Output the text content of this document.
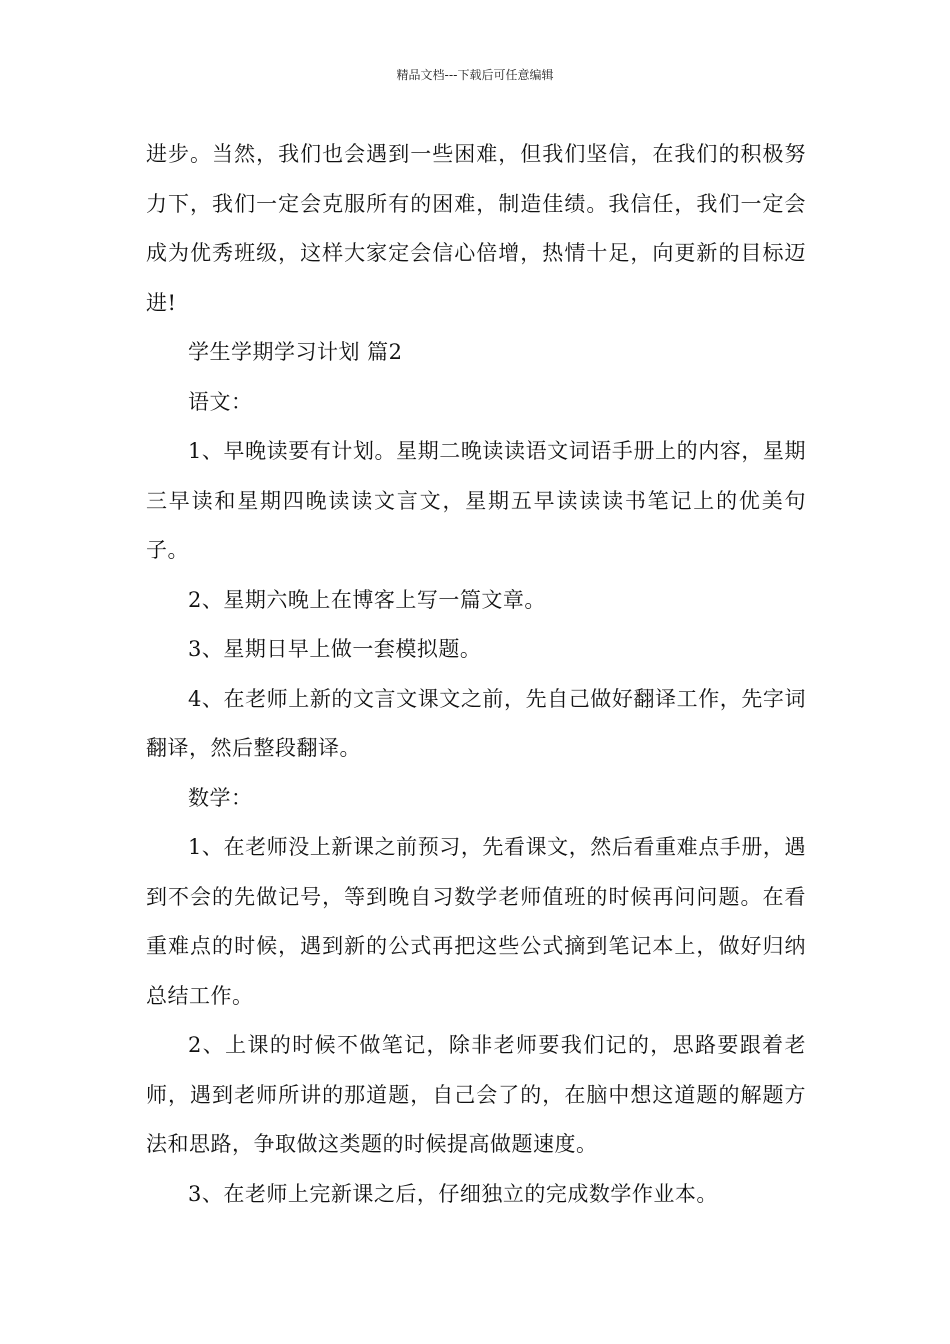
精品文档---下载后可任意编辑

进步。当然，我们也会遇到一些困难，但我们坚信，在我们的积极努力下，我们一定会克服所有的困难，制造佳绩。我信任，我们一定会成为优秀班级，这样大家定会信心倍增，热情十足，向更新的目标迈进!

学生学期学习计划 篇2

语文：

1、早晚读要有计划。星期二晚读读语文词语手册上的内容，星期三早读和星期四晚读读文言文，星期五早读读读书笔记上的优美句子。

2、星期六晚上在博客上写一篇文章。

3、星期日早上做一套模拟题。

4、在老师上新的文言文课文之前，先自己做好翻译工作，先字词翻译，然后整段翻译。

数学：

1、在老师没上新课之前预习，先看课文，然后看重难点手册，遇到不会的先做记号，等到晚自习数学老师值班的时候再问问题。在看重难点的时候，遇到新的公式再把这些公式摘到笔记本上，做好归纳总结工作。

2、上课的时候不做笔记，除非老师要我们记的，思路要跟着老师，遇到老师所讲的那道题，自己会了的，在脑中想这道题的解题方法和思路，争取做这类题的时候提高做题速度。

3、在老师上完新课之后，仔细独立的完成数学作业本。
